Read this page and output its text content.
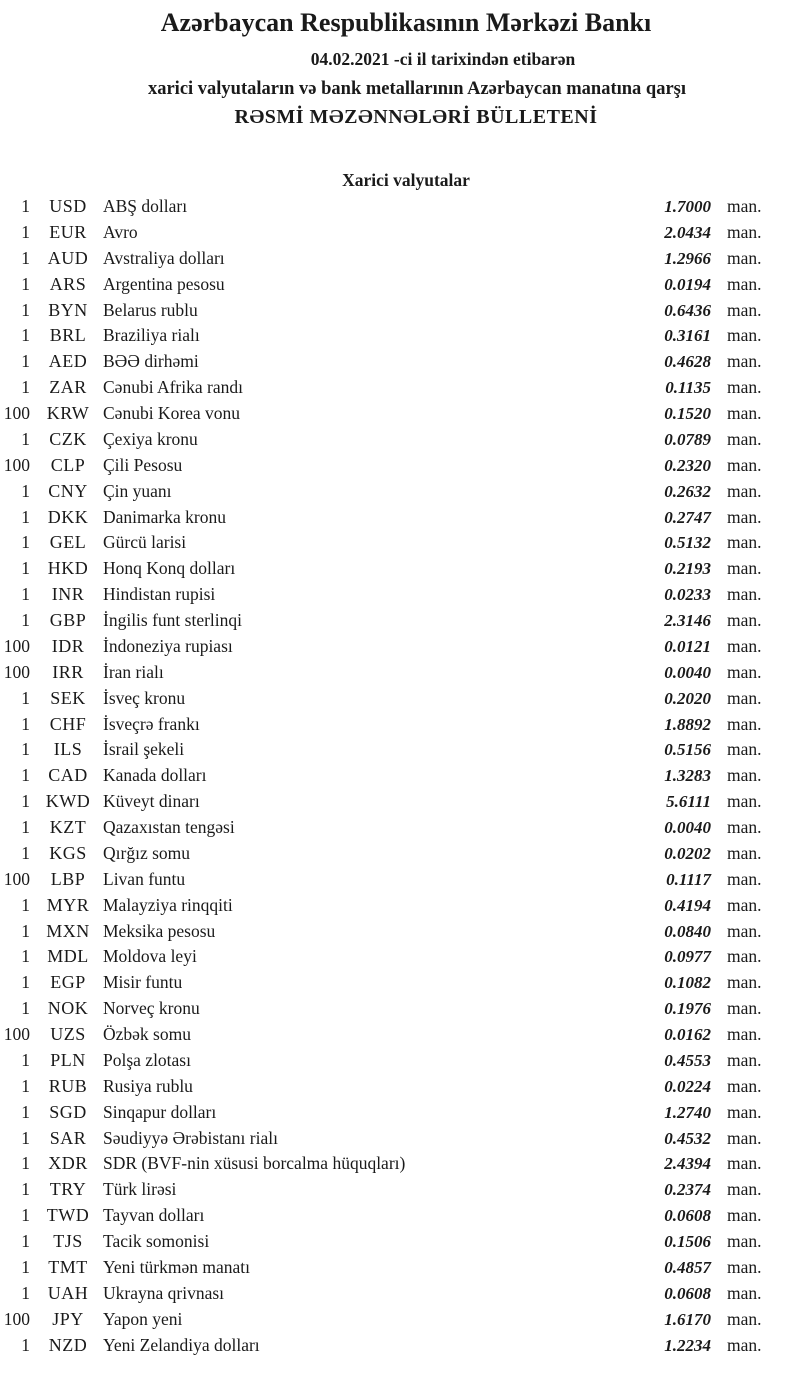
Azərbaycan Respublikasının Mərkəzi Bankı
04.02.2021 -ci il tarixindən etibarən
xarici valyutaların və bank metallarının Azərbaycan manatına qarşı
RƏSMİ MƏZƏNNƏLƏRİ BÜLLETENİ
Xarici valyutalar
1	USD ABŞ dolları	1.7000 man.
1	EUR Avro	2.0434 man.
1 AUD Avstraliya dolları	1.2966 man.
1	ARS Argentina pesosu	0.0194 man.
1	BYN Belarus rublu	0.6436 man.
1	BRL Braziliya rialı	0.3161 man.
1	AED BƏƏ dirhəmi	0.4628 man.
1	ZAR Cənubi Afrika randı	0.1135 man.
100 KRW Cənubi Korea vonu	0.1520 man.
1	CZK Çexiya kronu	0.0789 man.
100	CLP	Çili Pesosu	0.2320 man.
1	CNY Çin yuanı	0.2632 man.
1 DKK Danimarka kronu	0.2747 man.
1	GEL Gürcü larisi	0.5132 man.
1 HKD Honq Konq dolları	0.2193 man.
1	INR	Hindistan rupisi	0.0233 man.
1	GBP İngilis funt sterlinqi	2.3146 man.
100	IDR	İndoneziya rupiası	0.0121 man.
100	IRR	İran rialı	0.0040 man.
1	SEK İsveç kronu	0.2020 man.
1	CHF İsveçrə frankı	1.8892 man.
1	ILS	İsrail şekeli	0.5156 man.
1	CAD Kanada dolları	1.3283 man.
1 KWD Küveyt dinarı	5.6111 man.
1	KZT Qazaxıstan tengəsi	0.0040 man.
1	KGS Qırğız somu	0.0202 man.
100	LBP	Livan funtu	0.1117 man.
1 MYR Malayziya rinqqiti	0.4194 man.
1 MXN Meksika pesosu	0.0840 man.
1 MDL Moldova leyi	0.0977 man.
1	EGP Misir funtu	0.1082 man.
1 NOK Norveç kronu	0.1976 man.
100	UZS Özbək somu	0.0162 man.
1	PLN Polşa zlotası	0.4553 man.
1	RUB Rusiya rublu	0.0224 man.
1	SGD Sinqapur dolları	1.2740 man.
1	SAR Səudiyyə Ərəbistanı rialı	0.4532 man.
1	XDR SDR (BVF-nin xüsusi borcalma hüquqları)	2.4394 man.
1	TRY Türk lirəsi	0.2374 man.
1 TWD Tayvan dolları	0.0608 man.
1	TJS	Tacik somonisi	0.1506 man.
1	TMT Yeni türkmən manatı	0.4857 man.
1 UAH Ukrayna qrivnası	0.0608 man.
100	JPY	Yapon yeni	1.6170 man.
1	NZD Yeni Zelandiya dolları	1.2234 man.
